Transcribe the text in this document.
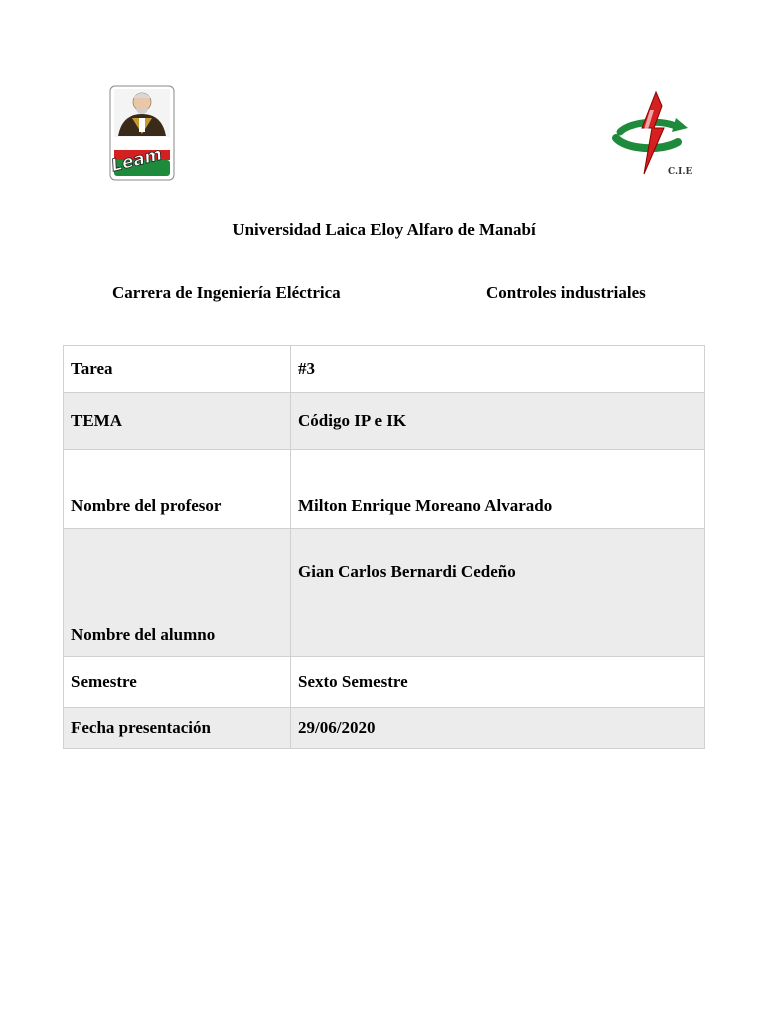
Leam	C.I.E
Universidad Laica Eloy Alfaro de Manabí
Carrera de Ingeniería Eléctrica	Controles industriales
Tarea	#3
TEMA	Código IP e IK
Nombre del profesor	Milton Enrique Moreano Alvarado
Nombre del alumno	Gian Carlos Bernardi Cedeño
Semestre	Sexto Semestre
Fecha presentación	29/06/2020
